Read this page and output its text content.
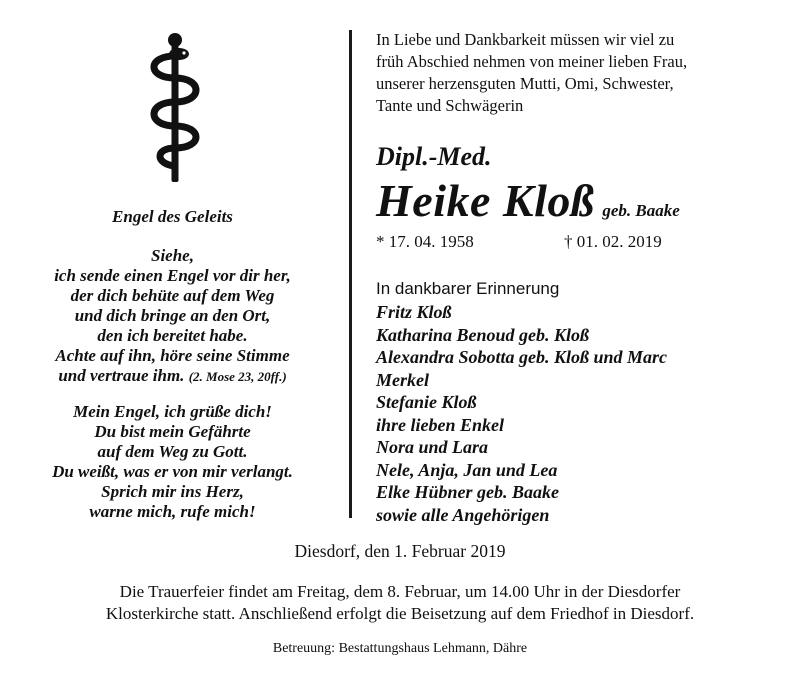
Engel des Geleits
Siehe,
ich sende einen Engel vor dir her,
der dich behüte auf dem Weg
und dich bringe an den Ort,
den ich bereitet habe.
Achte auf ihn, höre seine Stimme
und vertraue ihm. (2. Mose 23, 20ff.)
Mein Engel, ich grüße dich!
Du bist mein Gefährte
auf dem Weg zu Gott.
Du weißt, was er von mir verlangt.
Sprich mir ins Herz,
warne mich, rufe mich!
In Liebe und Dankbarkeit müssen wir viel zu
früh Abschied nehmen von meiner lieben Frau,
unserer herzensguten Mutti, Omi, Schwester,
Tante und Schwägerin
Dipl.-Med.
Heike Kloß geb. Baake
* 17. 04. 1958	† 01. 02. 2019
In dankbarer Erinnerung
Fritz Kloß
Katharina Benoud geb. Kloß
Alexandra Sobotta geb. Kloß und Marc
Merkel
Stefanie Kloß
ihre lieben Enkel
Nora und Lara
Nele, Anja, Jan und Lea
Elke Hübner geb. Baake
sowie alle Angehörigen
Diesdorf, den 1. Februar 2019
Die Trauerfeier findet am Freitag, dem 8. Februar, um 14.00 Uhr in der Diesdorfer
Klosterkirche statt. Anschließend erfolgt die Beisetzung auf dem Friedhof in Diesdorf.
Betreuung: Bestattungshaus Lehmann, Dähre
